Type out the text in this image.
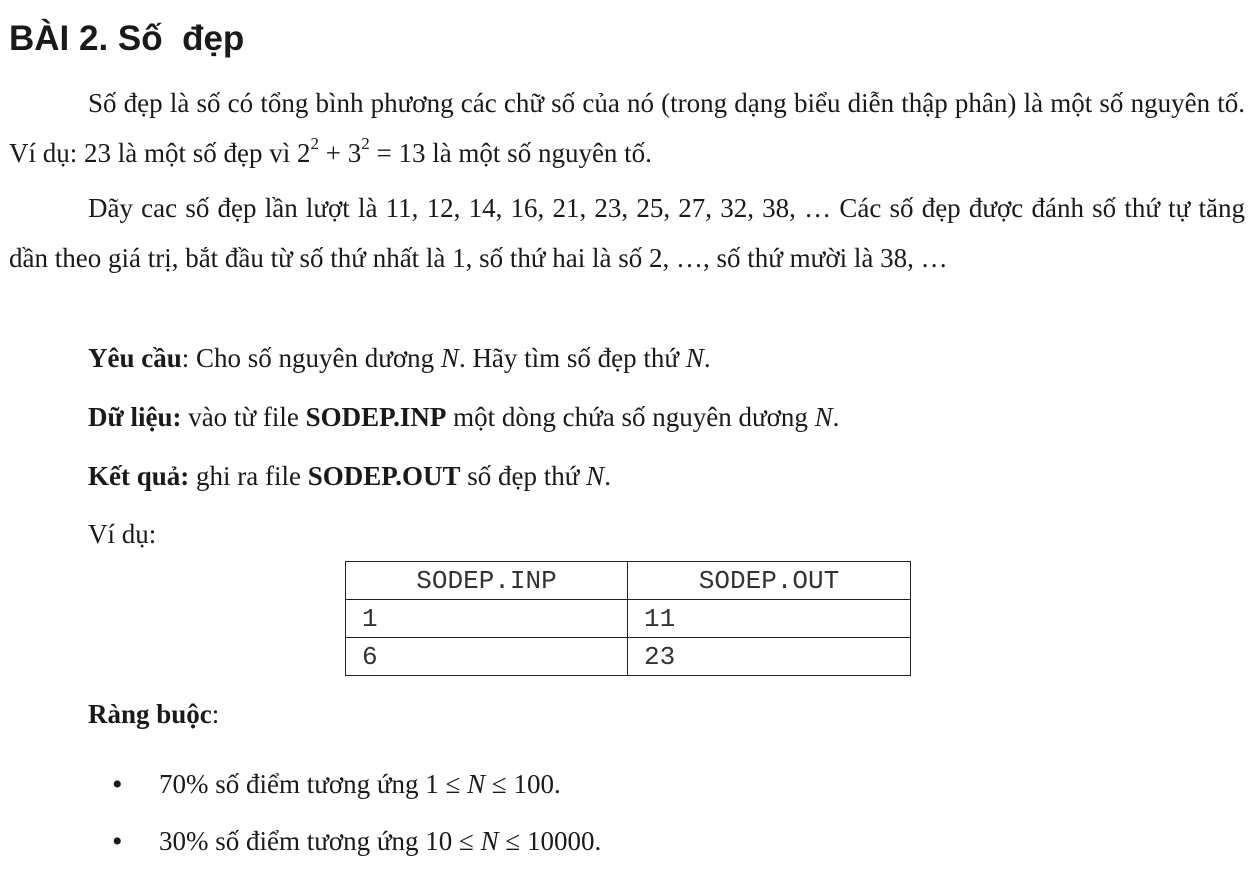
BÀI 2. Số  đẹp

Số đẹp là số có tổng bình phương các chữ số của nó (trong dạng biểu diễn thập phân) là một số nguyên tố. Ví dụ: 23 là một số đẹp vì $2^2 + 3^2 = 13$ là một số nguyên tố.

Dãy cac số đẹp lần lượt là 11, 12, 14, 16, 21, 23, 25, 27, 32, 38, … Các số đẹp được đánh số thứ tự tăng dần theo giá trị, bắt đầu từ số thứ nhất là 1, số thứ hai là số 2, …, số thứ mười là 38, …

Yêu cầu: Cho số nguyên dương N. Hãy tìm số đẹp thứ N.

Dữ liệu: vào từ file SODEP.INP một dòng chứa số nguyên dương N.

Kết quả: ghi ra file SODEP.OUT số đẹp thứ N.

Ví dụ:

SODEP.INP	SODEP.OUT
1	11
6	23

Ràng buộc:

• 70% số điểm tương ứng 1 ≤ N ≤ 100.
• 30% số điểm tương ứng 10 ≤ N ≤ 10000.
